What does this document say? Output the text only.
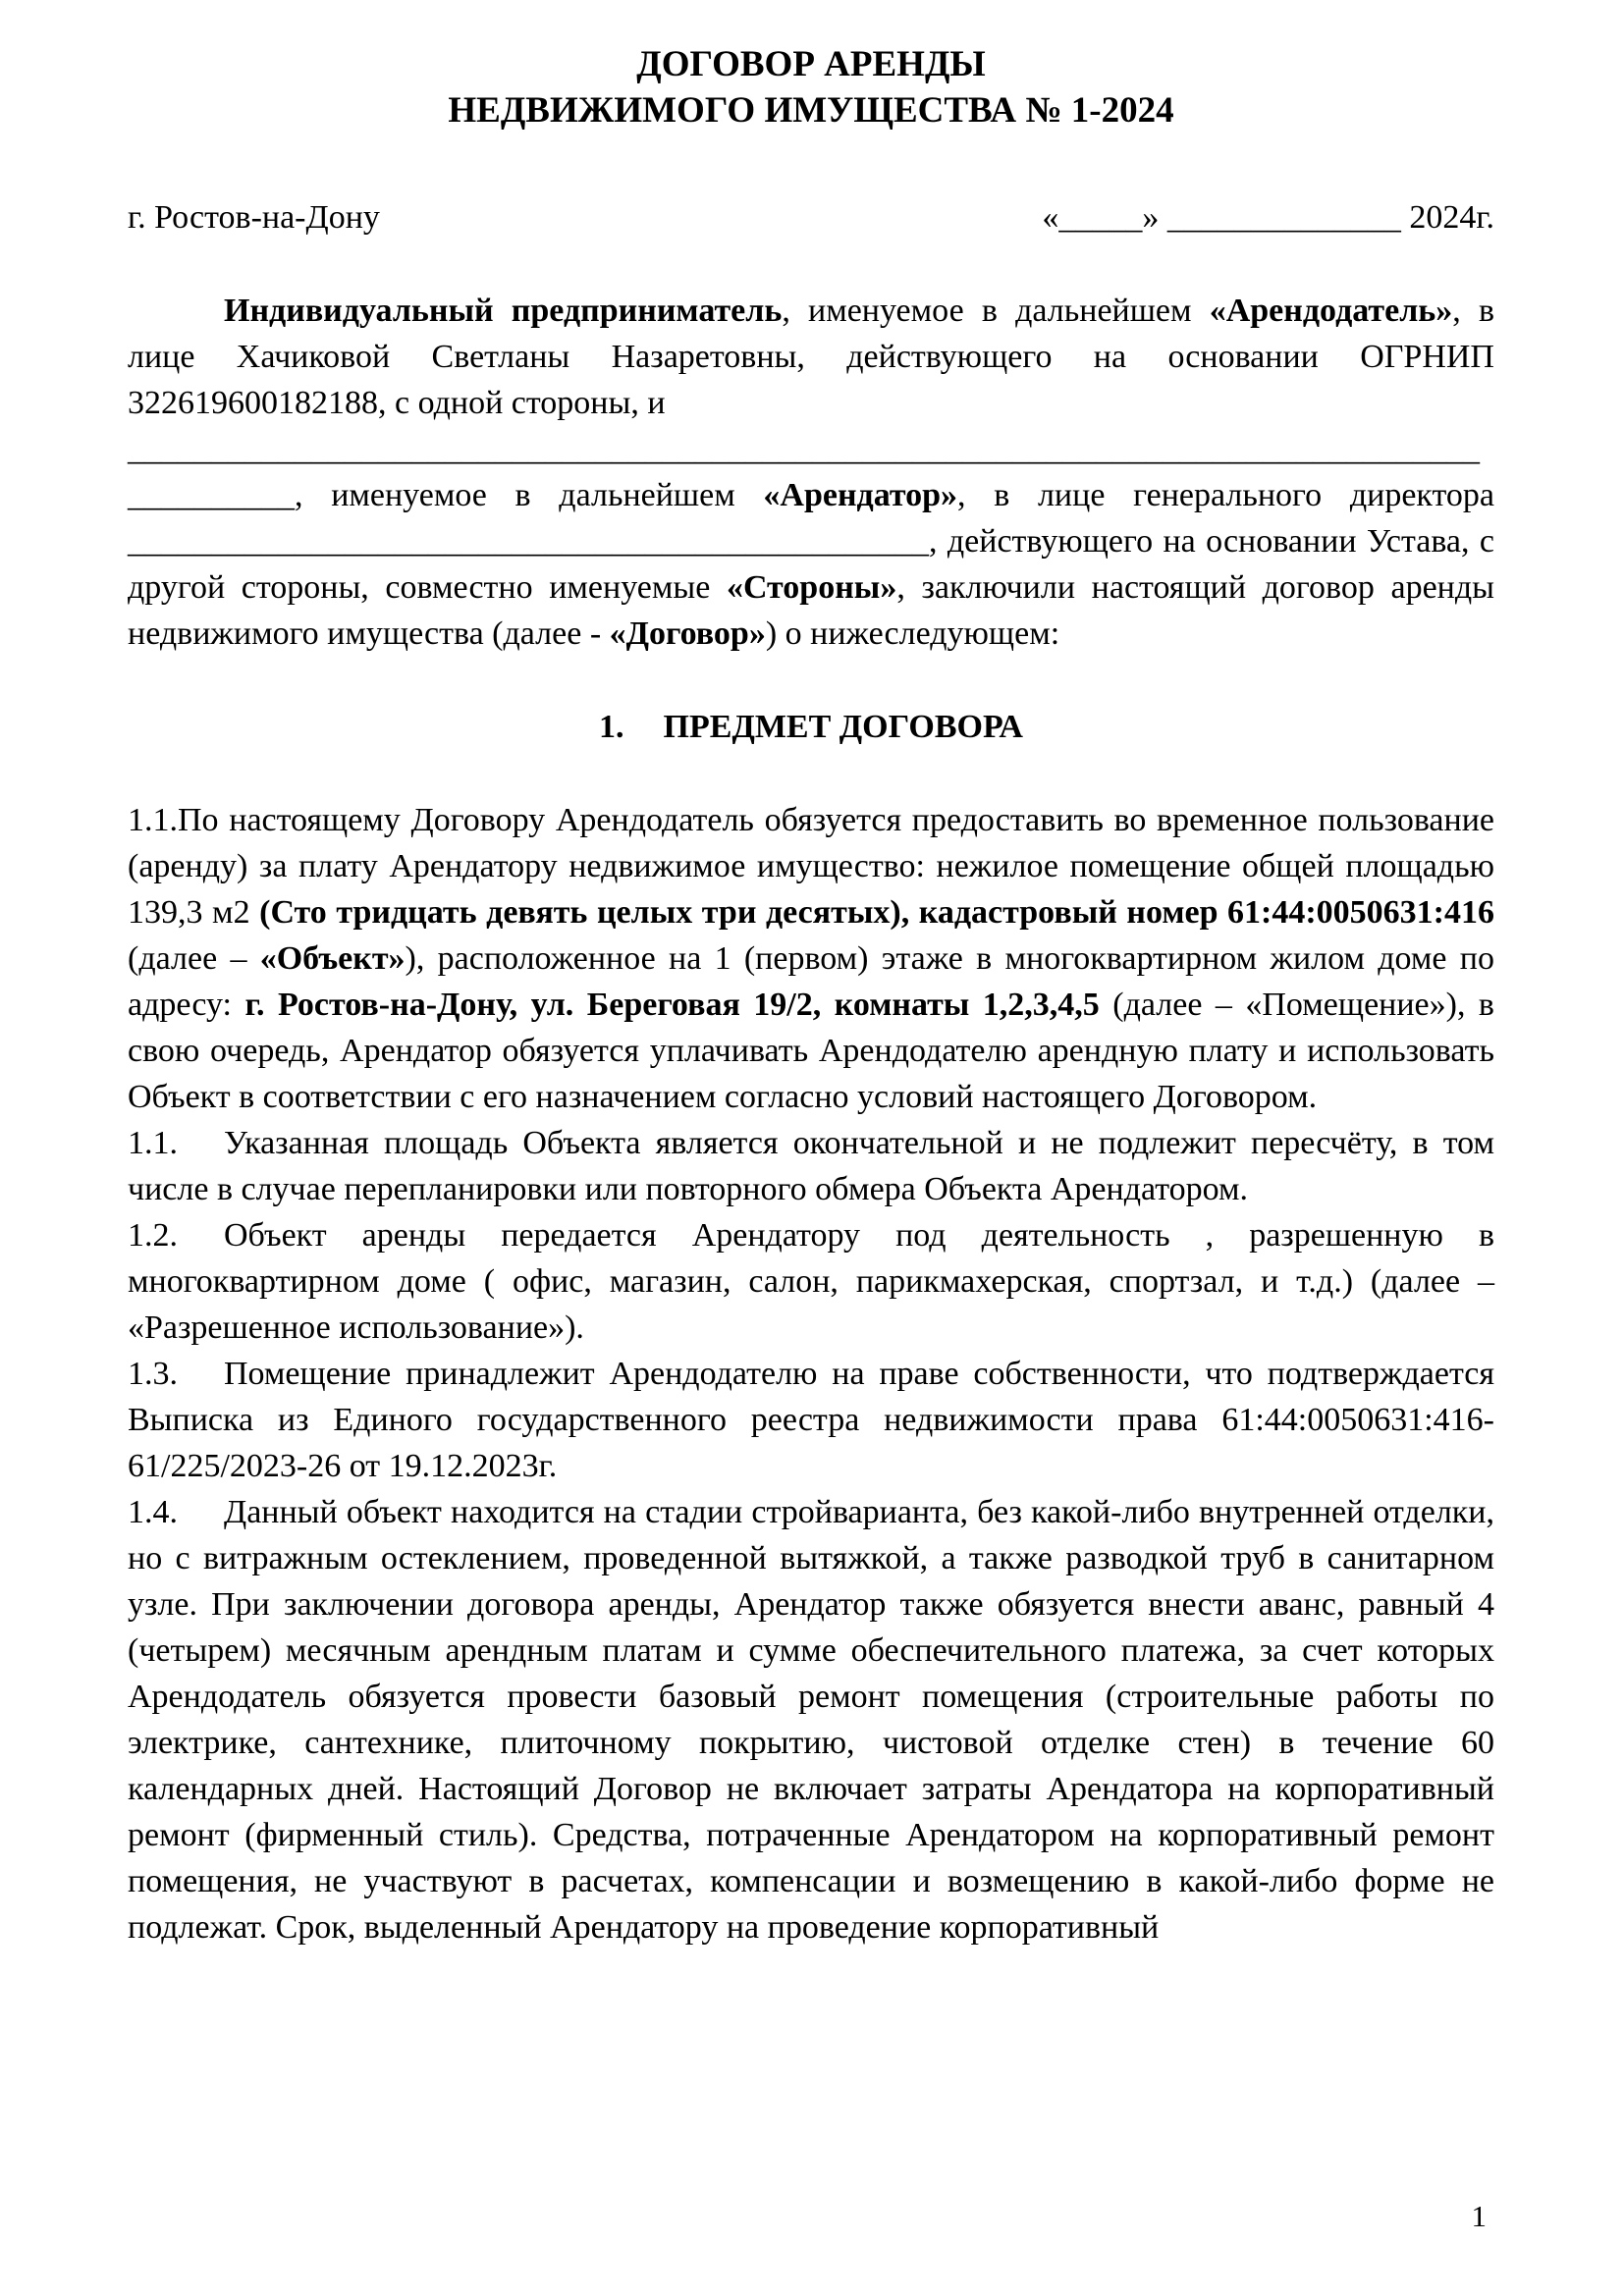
ДОГОВОР АРЕНДЫ
НЕДВИЖИМОГО ИМУЩЕСТВА № 1-2024
г. Ростов-на-Дону	«_____» ______________ 2024г.
Индивидуальный предприниматель, именуемое в дальнейшем «Арендодатель», в лице Хачиковой Светланы Назаретовны, действующего на основании ОГРНИП 322619600182188, с одной стороны, и
___________________________________________________________________________________________, именуемое в дальнейшем «Арендатор», в лице генерального директора ________________________________________________, действующего на основании Устава, с другой стороны, совместно именуемые «Стороны», заключили настоящий договор аренды недвижимого имущества (далее - «Договор») о нижеследующем:
1. ПРЕДМЕТ ДОГОВОРА
1.1.По настоящему Договору Арендодатель обязуется предоставить во временное пользование (аренду) за плату Арендатору недвижимое имущество: нежилое помещение общей площадью 139,3 м2 (Сто тридцать девять целых три десятых), кадастровый номер 61:44:0050631:416 (далее – «Объект»), расположенное на 1 (первом) этаже в многоквартирном жилом доме по адресу: г. Ростов-на-Дону, ул. Береговая 19/2, комнаты 1,2,3,4,5 (далее – «Помещение»), в свою очередь, Арендатор обязуется уплачивать Арендодателю арендную плату и использовать Объект в соответствии с его назначением согласно условий настоящего Договором.
1.1. Указанная площадь Объекта является окончательной и не подлежит пересчёту, в том числе в случае перепланировки или повторного обмера Объекта Арендатором.
1.2. Объект аренды передается Арендатору под деятельность , разрешенную в многоквартирном доме ( офис, магазин, салон, парикмахерская, спортзал, и т.д.) (далее – «Разрешенное использование»).
1.3. Помещение принадлежит Арендодателю на праве собственности, что подтверждается Выписка из Единого государственного реестра недвижимости права 61:44:0050631:416-61/225/2023-26 от 19.12.2023г.
1.4. Данный объект находится на стадии стройварианта, без какой-либо внутренней отделки, но с витражным остеклением, проведенной вытяжкой, а также разводкой труб в санитарном узле. При заключении договора аренды, Арендатор также обязуется внести аванс, равный 4 (четырем) месячным арендным платам и сумме обеспечительного платежа, за счет которых Арендодатель обязуется провести базовый ремонт помещения (строительные работы по электрике, сантехнике, плиточному покрытию, чистовой отделке стен) в течение 60 календарных дней. Настоящий Договор не включает затраты Арендатора на корпоративный ремонт (фирменный стиль). Средства, потраченные Арендатором на корпоративный ремонт помещения, не участвуют в расчетах, компенсации и возмещению в какой-либо форме не подлежат. Срок, выделенный Арендатору на проведение корпоративный
1
